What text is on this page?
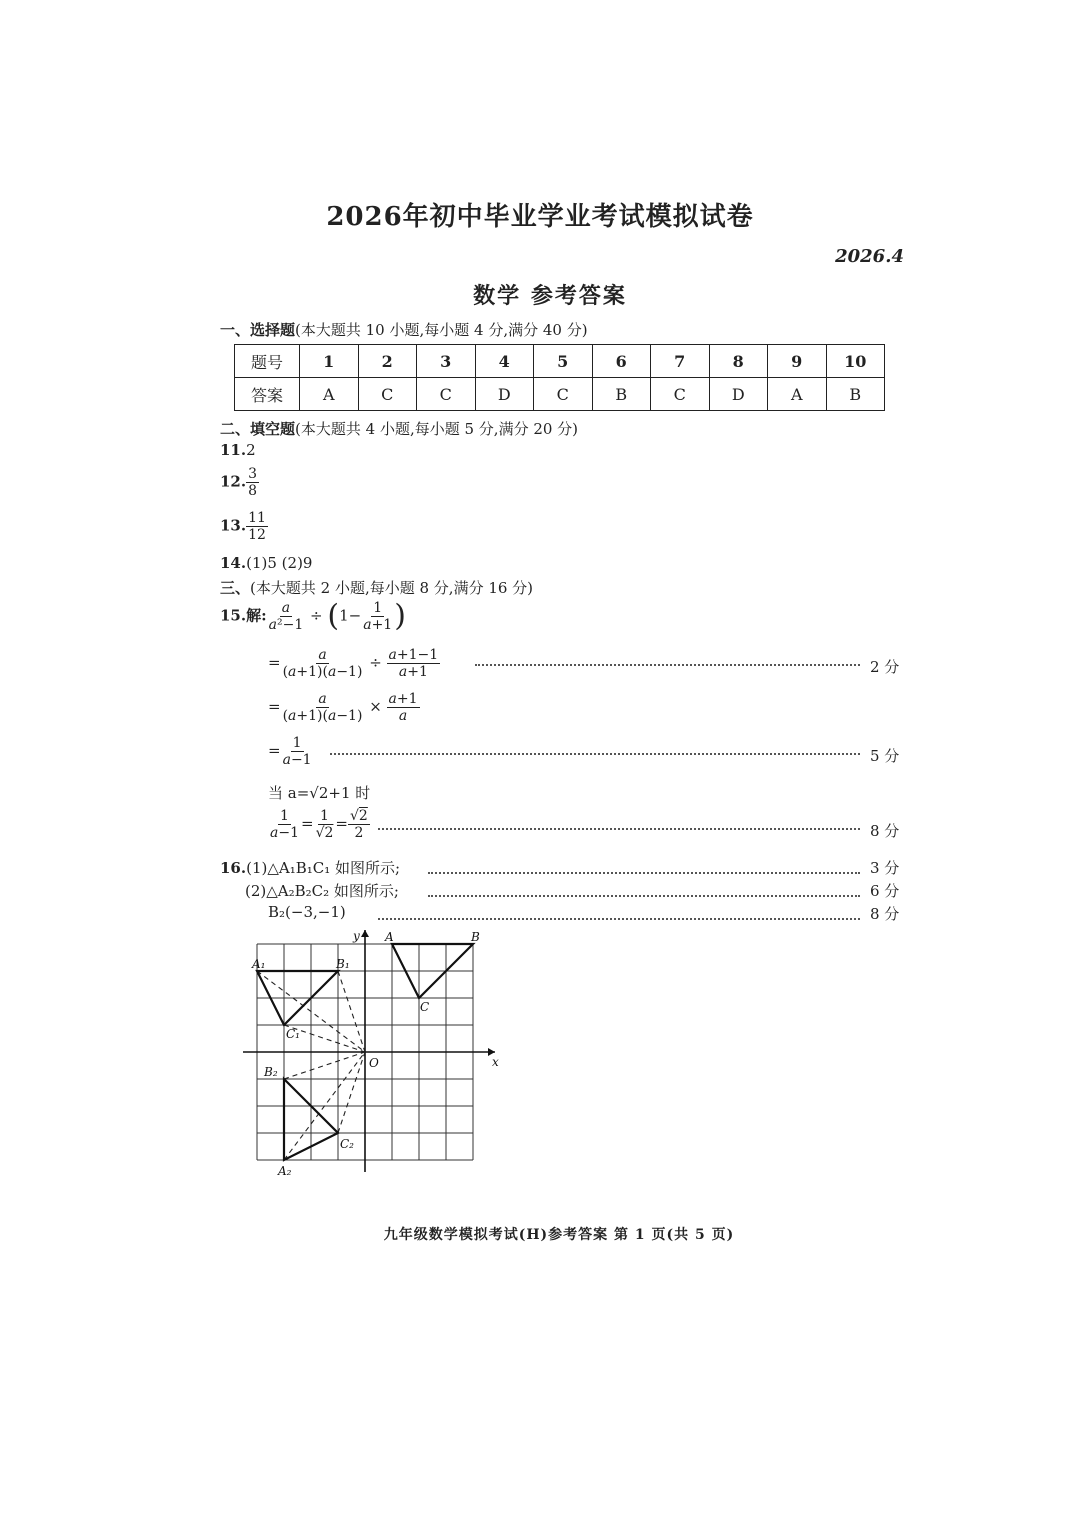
2026年初中毕业学业考试模拟试卷
2026.4
数学 参考答案
一、选择题(本大题共 10 小题,每小题 4 分,满分 40 分)
题号	1	2	3	4	5	6	7	8	9	10
答案	A	C	C	D	C	B	C	D	A	B
二、填空题(本大题共 4 小题,每小题 5 分,满分 20 分)
11.2
12. $\frac{3}{8}$
13. $\frac{11}{12}$
14.(1)5 (2)9
三、(本大题共 2 小题,每小题 8 分,满分 16 分)
15.解: $\frac{a}{\text{a²−1}} \div (1- \frac{1}{a+1}$ )
= $\frac{a}{(a+1)(a-1)} \div \frac{a+1-1}{a+1}$	2 分
= $\frac{a}{(a+1)(a-1)} \times \frac{a+1}{a}$
= $\frac{1}{a-1}$	5 分
当 a=√2+1 时
$\frac{1}{a-1} = \frac{1}{√2} = \frac{√2}{2}$	8 分
16.(1)△A₁B₁C₁ 如图所示;	3 分
(2)△A₂B₂C₂ 如图所示;	6 分
B₂(−3,−1)	8 分
y
x
O
A	B
C
A₁	B₁
C₁
B₂
C₂
A₂
九年级数学模拟考试(H)参考答案 第 1 页(共 5 页)
